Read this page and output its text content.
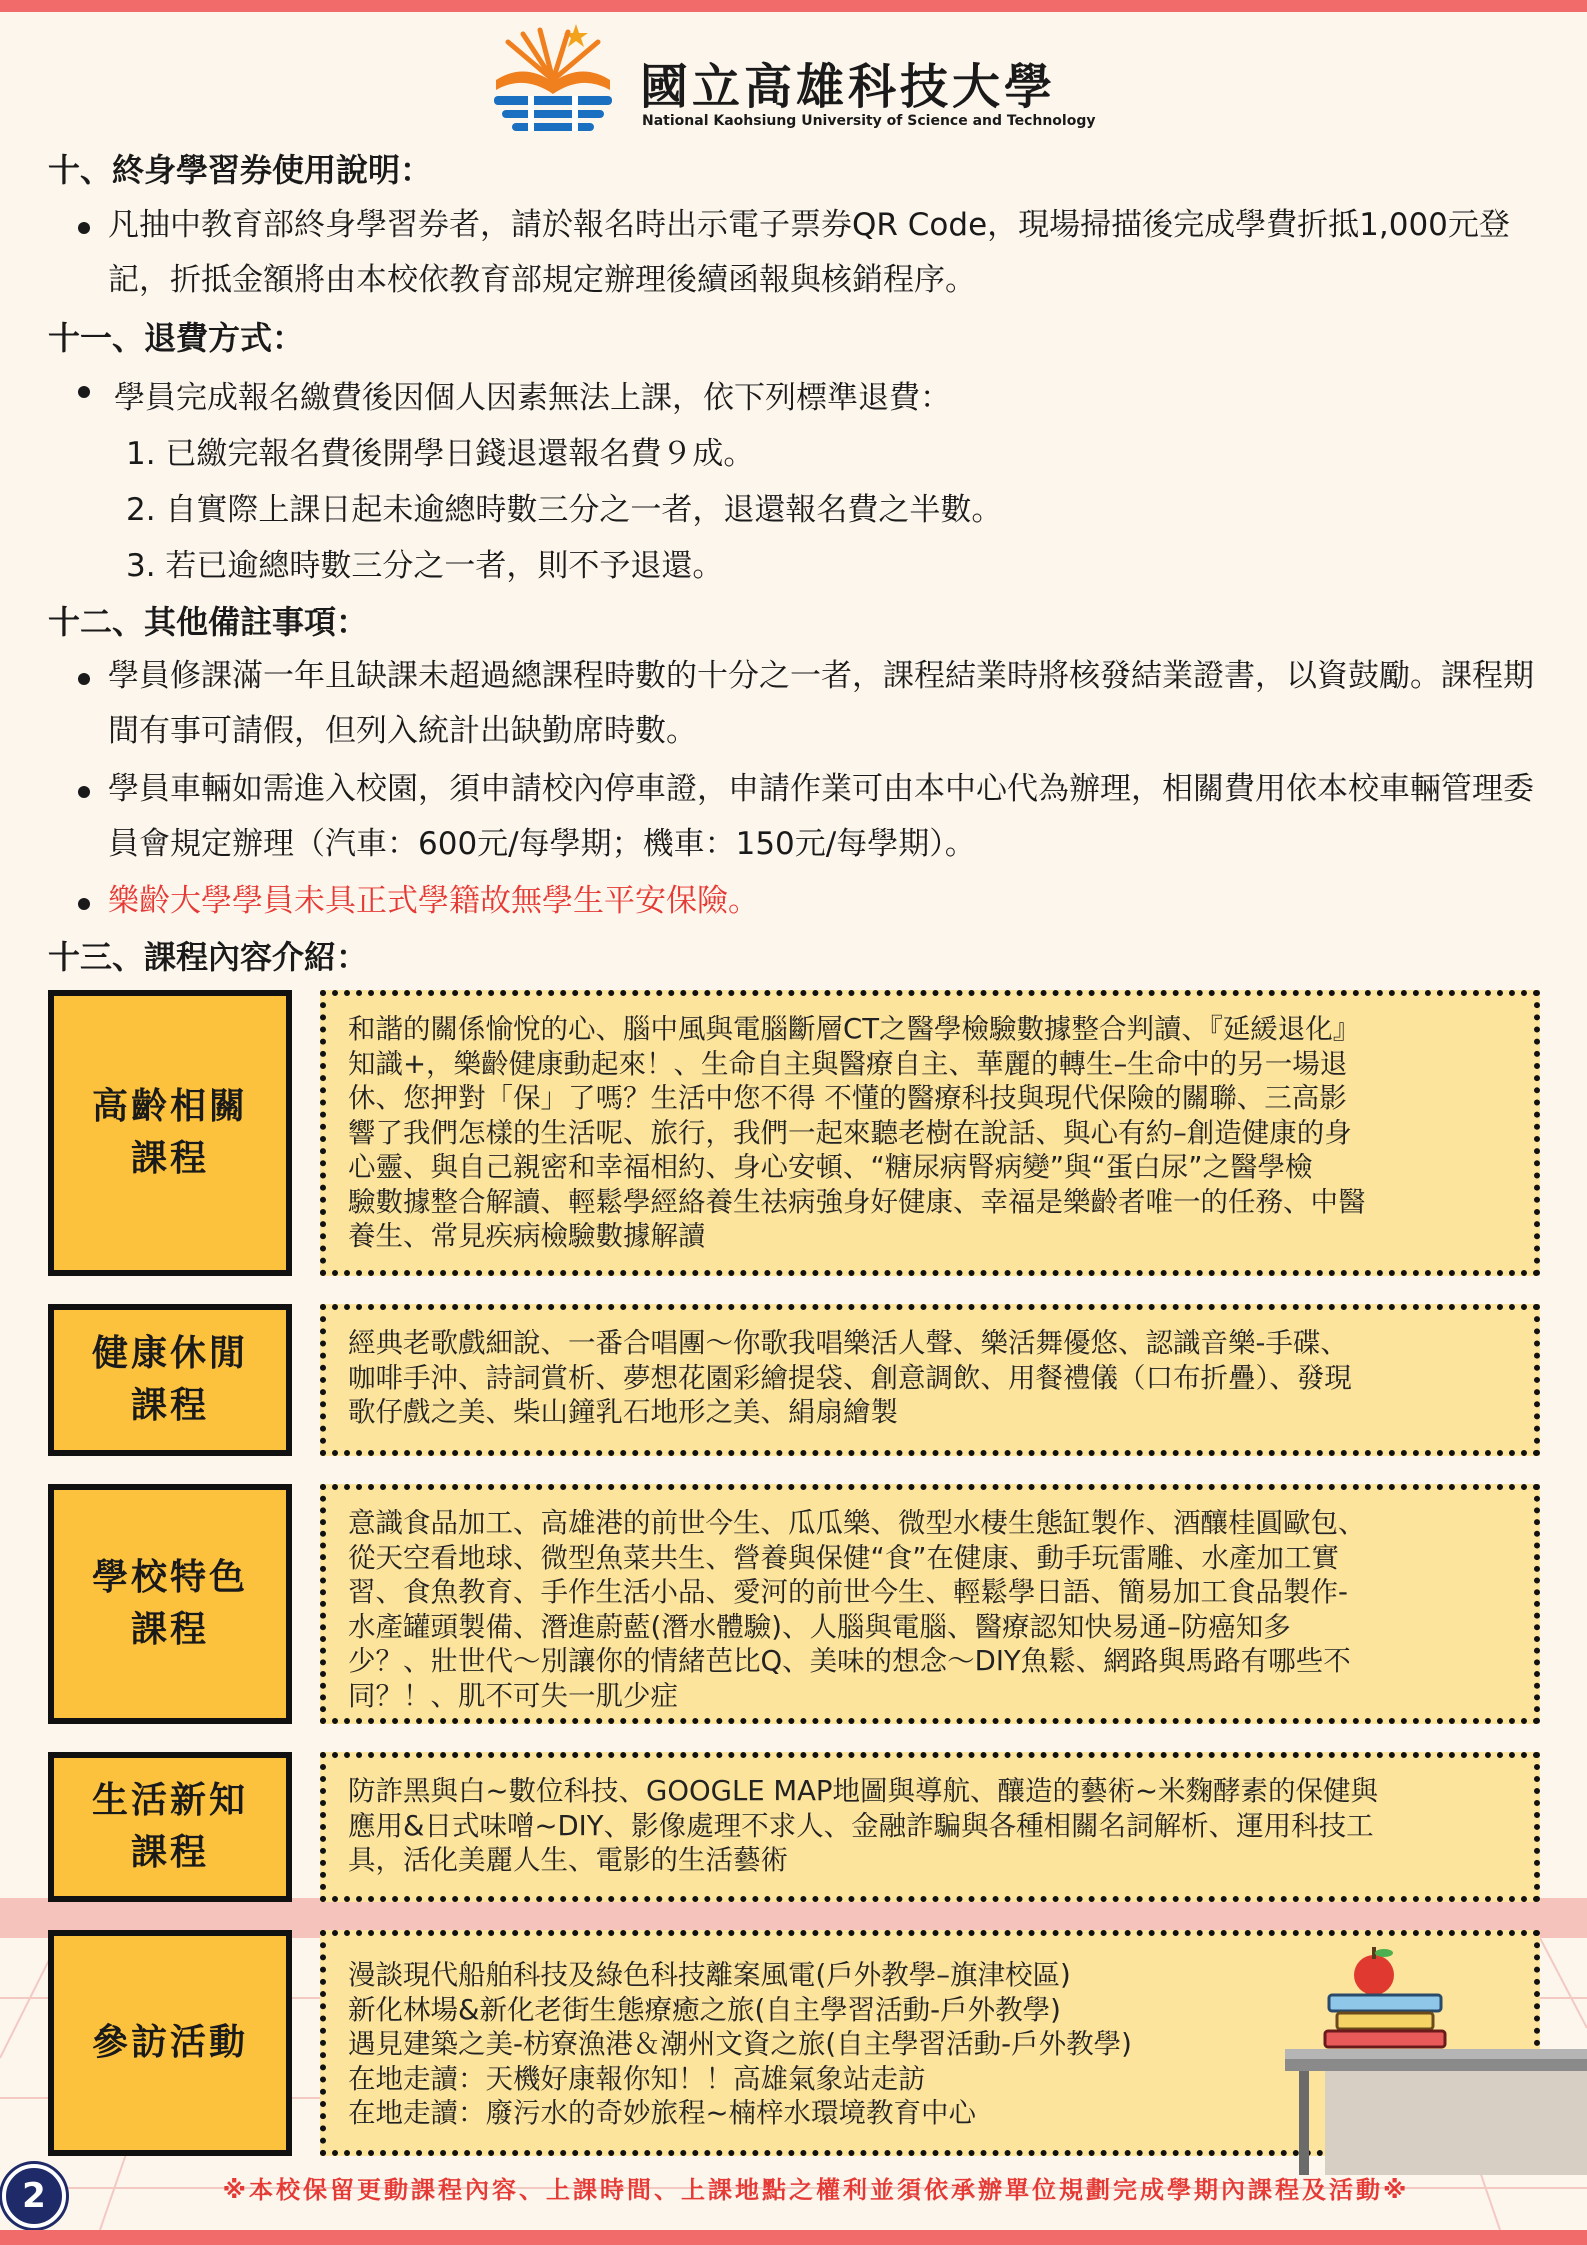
國立高雄科技大學
National Kaohsiung University of Science and Technology
十、終身學習券使用說明：
凡抽中教育部終身學習券者，請於報名時出示電子票券QR Code，現場掃描後完成學費折抵1,000元登記，折抵金額將由本校依教育部規定辦理後續函報與核銷程序。
十一、退費方式：
學員完成報名繳費後因個人因素無法上課，依下列標準退費：
1. 已繳完報名費後開學日錢退還報名費９成。
2. 自實際上課日起未逾總時數三分之一者，退還報名費之半數。
3. 若已逾總時數三分之一者，則不予退還。
十二、其他備註事項：
學員修課滿一年且缺課未超過總課程時數的十分之一者，課程結業時將核發結業證書，以資鼓勵。課程期間有事可請假，但列入統計出缺勤席時數。
學員車輛如需進入校園，須申請校內停車證，申請作業可由本中心代為辦理，相關費用依本校車輛管理委員會規定辦理（汽車：600元/每學期；機車：150元/每學期）。
樂齡大學學員未具正式學籍故無學生平安保險。
十三、課程內容介紹：
高齡相關
課程
和諧的關係愉悅的心、腦中風與電腦斷層CT之醫學檢驗數據整合判讀、『延緩退化』
知識+，樂齡健康動起來！、生命自主與醫療自主、華麗的轉生–生命中的另一場退
休、您押對「保」了嗎？生活中您不得 不懂的醫療科技與現代保險的關聯、三高影
響了我們怎樣的生活呢、旅行，我們一起來聽老樹在說話、與心有約–創造健康的身
心靈、與自己親密和幸福相約、身心安頓、“糖尿病腎病變”與“蛋白尿”之醫學檢
驗數據整合解讀、輕鬆學經絡養生祛病強身好健康、幸福是樂齡者唯一的任務、中醫
養生、常見疾病檢驗數據解讀
健康休閒
課程
經典老歌戲細說、一番合唱團～你歌我唱樂活人聲、樂活舞優悠、認識音樂-手碟、
咖啡手沖、詩詞賞析、夢想花園彩繪提袋、創意調飲、用餐禮儀（口布折疊）、發現
歌仔戲之美、柴山鐘乳石地形之美、絹扇繪製
學校特色
課程
意識食品加工、高雄港的前世今生、瓜瓜樂、微型水棲生態缸製作、酒釀桂圓歐包、
從天空看地球、微型魚菜共生、營養與保健“食”在健康、動手玩雷雕、水產加工實
習、食魚教育、手作生活小品、愛河的前世今生、輕鬆學日語、簡易加工食品製作-
水產罐頭製備、潛進蔚藍(潛水體驗)、人腦與電腦、醫療認知快易通–防癌知多
少？、壯世代～別讓你的情緒芭比Q、美味的想念～DIY魚鬆、網路與馬路有哪些不
同？！、肌不可失一肌少症
生活新知
課程
防詐黑與白~數位科技、GOOGLE MAP地圖與導航、釀造的藝術~米麴酵素的保健與
應用&日式味噌~DIY、影像處理不求人、金融詐騙與各種相關名詞解析、運用科技工
具，活化美麗人生、電影的生活藝術
參訪活動
漫談現代船舶科技及綠色科技離案風電(戶外教學–旗津校區)
新化林場&新化老街生態療癒之旅(自主學習活動-戶外教學)
遇見建築之美-枋寮漁港＆潮州文資之旅(自主學習活動-戶外教學)
在地走讀：天機好康報你知！！高雄氣象站走訪
在地走讀：廢污水的奇妙旅程~楠梓水環境教育中心
2	※本校保留更動課程內容、上課時間、上課地點之權利並須依承辦單位規劃完成學期內課程及活動※
